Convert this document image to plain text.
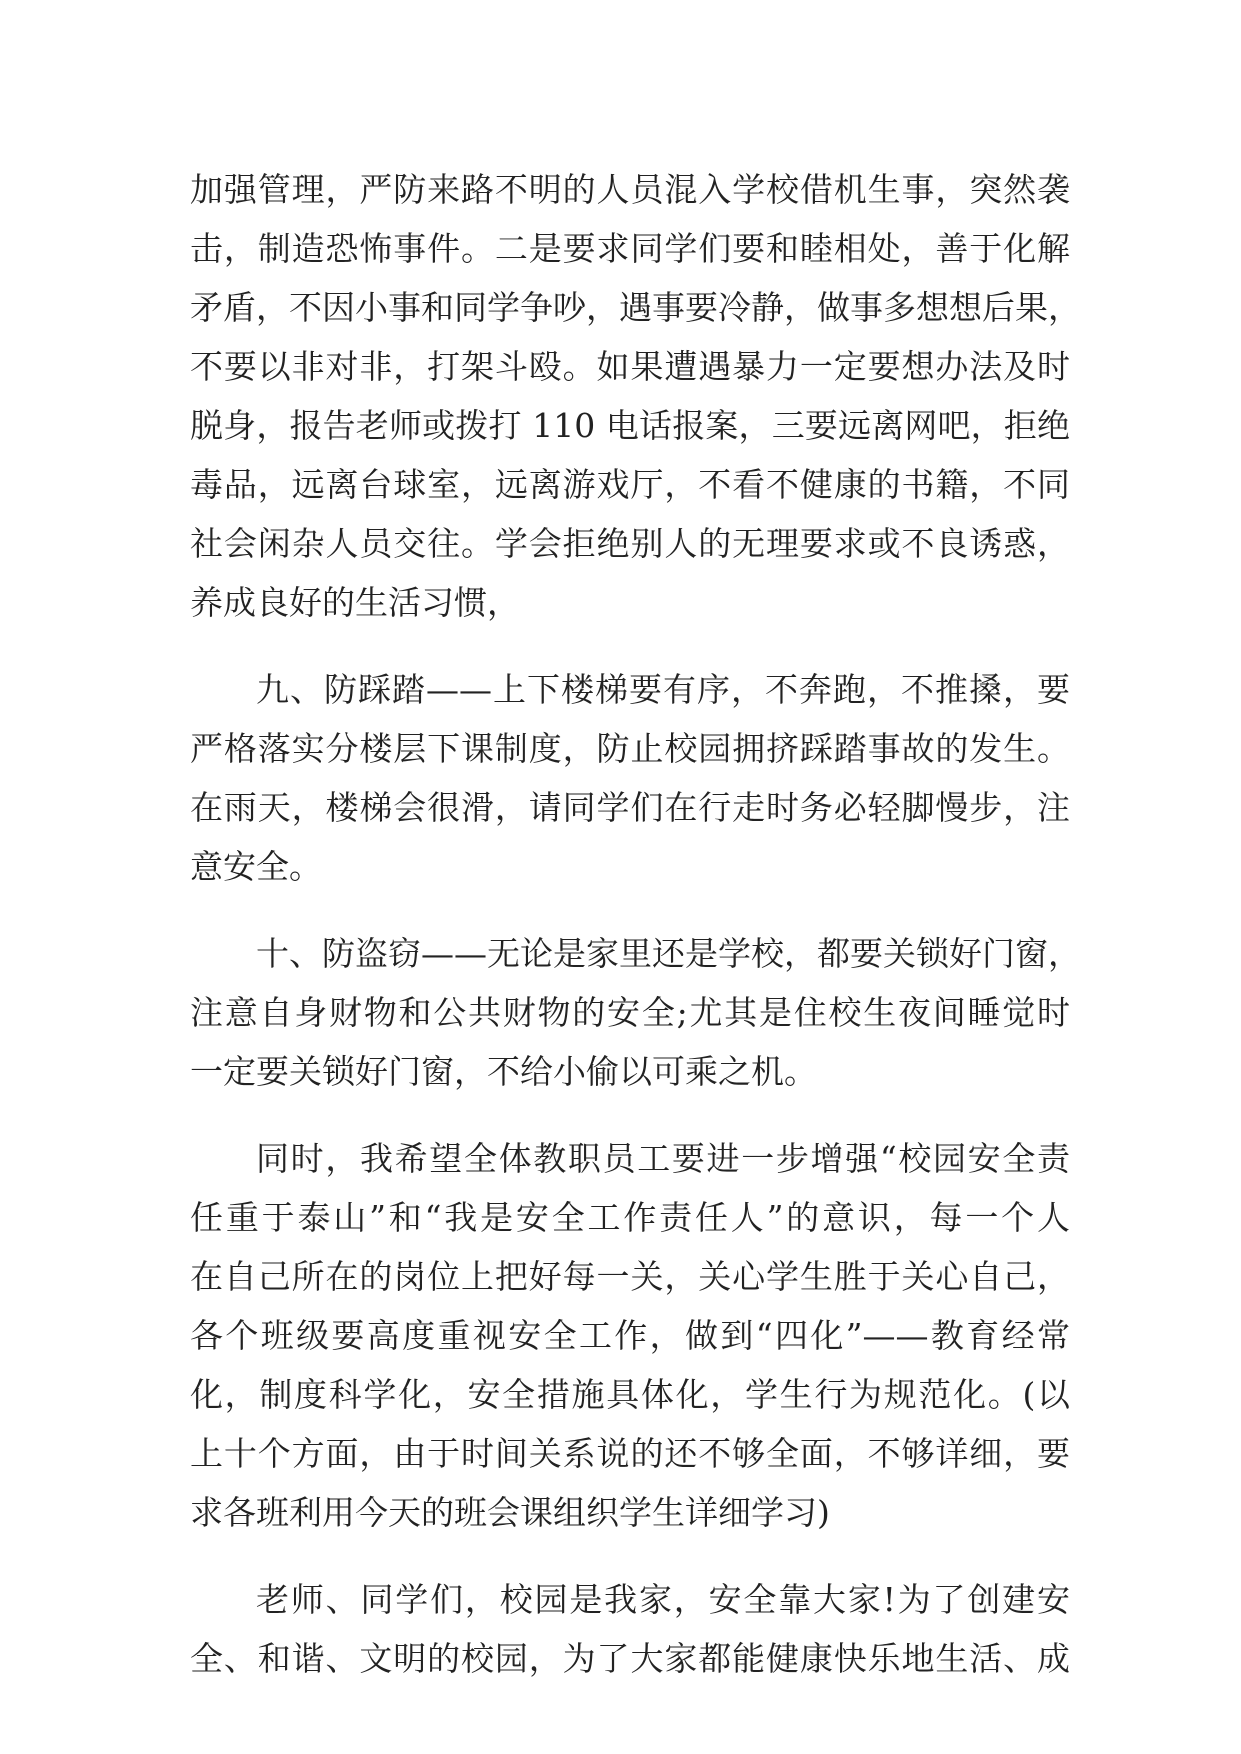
加强管理，严防来路不明的人员混入学校借机生事，突然袭
击，制造恐怖事件。二是要求同学们要和睦相处，善于化解
矛盾，不因小事和同学争吵，遇事要冷静，做事多想想后果，
不要以非对非，打架斗殴。如果遭遇暴力一定要想办法及时
脱身，报告老师或拨打 110 电话报案，三要远离网吧，拒绝
毒品，远离台球室，远离游戏厅，不看不健康的书籍，不同
社会闲杂人员交往。学会拒绝别人的无理要求或不良诱惑，
养成良好的生活习惯，
九、防踩踏——上下楼梯要有序，不奔跑，不推搡，要
严格落实分楼层下课制度，防止校园拥挤踩踏事故的发生。
在雨天，楼梯会很滑，请同学们在行走时务必轻脚慢步，注
意安全。
十、防盗窃——无论是家里还是学校，都要关锁好门窗，
注意自身财物和公共财物的安全;尤其是住校生夜间睡觉时
一定要关锁好门窗，不给小偷以可乘之机。
同时，我希望全体教职员工要进一步增强“校园安全责
任重于泰山”和“我是安全工作责任人”的意识，每一个人
在自己所在的岗位上把好每一关，关心学生胜于关心自己，
各个班级要高度重视安全工作，做到“四化”——教育经常
化，制度科学化，安全措施具体化，学生行为规范化。(以
上十个方面，由于时间关系说的还不够全面，不够详细，要
求各班利用今天的班会课组织学生详细学习)
老师、同学们，校园是我家，安全靠大家!为了创建安
全、和谐、文明的校园，为了大家都能健康快乐地生活、成
